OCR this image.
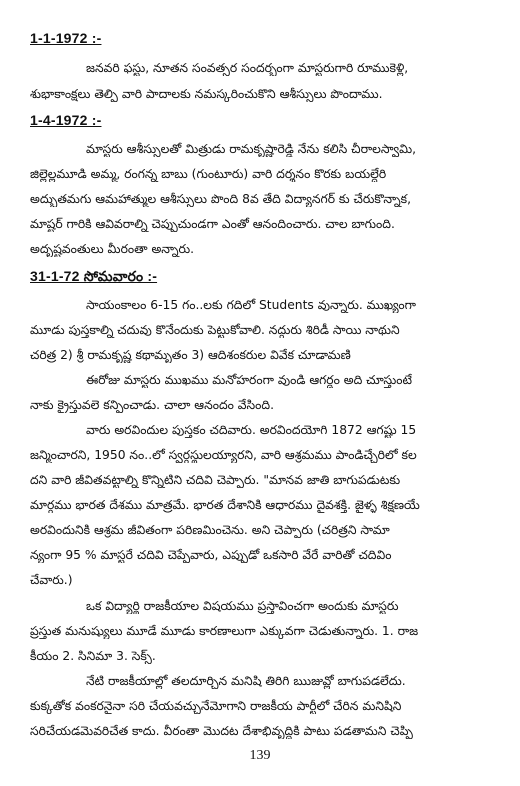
1-1-1972 :-
జనవరి ఫస్టు, నూతన సంవత్సర సందర్భంగా మాస్టరుగారి రూముకెళ్లి,
శుభాకాంక్షలు తెల్పి వారి పాదాలకు నమస్కరించుకొని ఆశీస్సులు పొందాము.
1-4-1972 :-
మాస్టరు ఆశీస్సులతో మిత్రుడు రామకృష్ణారెడ్డి నేను కలిసి చీరాలస్వామి,
జిల్లెల్లమూడి అమ్మ, రంగన్న బాబు (గుంటూరు) వారి దర్శనం కొరకు బయల్దేరి
అద్భుతమగు ఆమహాత్ముల ఆశీస్సులు పొంది 8వ తేది విద్యానగర్ కు చేరుకొన్నాక,
మాష్టర్ గారికి ఆవివరాల్ని చెప్పుచుండగా ఎంతో ఆనందించారు. చాల బాగుంది.
అదృష్టవంతులు మీరంతా అన్నారు.
31-1-72 సోమవారం :-
సాయంకాలం 6-15 గం..లకు గదిలో Students వున్నారు. ముఖ్యంగా
మూడు పుస్తకాల్ని చదువు కొనేందుకు పెట్టుకోవాలి. నద్గురు శిరిడీ సాయి నాథుని
చరిత్ర 2) శ్రీ రామకృష్ణ కథామృతం 3) ఆదిశంకరుల వివేక చూడామణి
ఈరోజు మాస్టరు ముఖము మనోహరంగా వుండి ఆగర్డం అది చూస్తుంటే
నాకు క్రైస్తువలె కన్పించాడు. చాలా ఆనందం వేసింది.
వారు అరవిందుల పుస్తకం చదివారు. అరవిందయోగి 1872 ఆగష్టు 15
జన్మించారని, 1950 నం..లో స్వర్గస్థులయ్యారని, వారి ఆశ్రమము పాండిచ్చేరిలో కల
దని వారి జీవితవట్టాల్ని కొన్నిటిని చదివి చెప్పారు. "మానవ జాతి బాగుపడుటకు
మార్గము భారత దేశము మాత్రమే. భారత దేశానికి ఆధారము దైవశక్తి. జైళ్ళ శిక్షణయే
అరవిందునికి ఆశ్రమ జీవితంగా పరిణమించెను. అని చెప్పారు (చరిత్రని సామా
న్యంగా 95 % మాస్టరే చదివి చెప్పేవారు, ఎప్పుడో ఒకసారి వేరే వారితో చదివిం
చేవారు.)
ఒక విద్యార్థి రాజకీయాల విషయము ప్రస్తావించగా అందుకు మాస్టరు
ప్రస్తుత మనుష్యులు మూడే మూడు కారణాలుగా ఎక్కువగా చెడుతున్నారు. 1. రాజ
కీయం 2. సినిమా 3. సెక్స్.
నేటి రాజకీయాల్లో తలదూర్చిన మనిషి తిరిగి ఋజువ్లో బాగుపడలేదు.
కుక్కతోక వంకరనైనా సరి చేయవచ్చునేమోగాని రాజకీయ పార్టీలో చేరిన మనిషిని
సరిచేయడమెవరిచేత కాదు. వీరంతా మొదట దేశాభివృద్ధికి పాటు పడతామని చెప్పి
139
